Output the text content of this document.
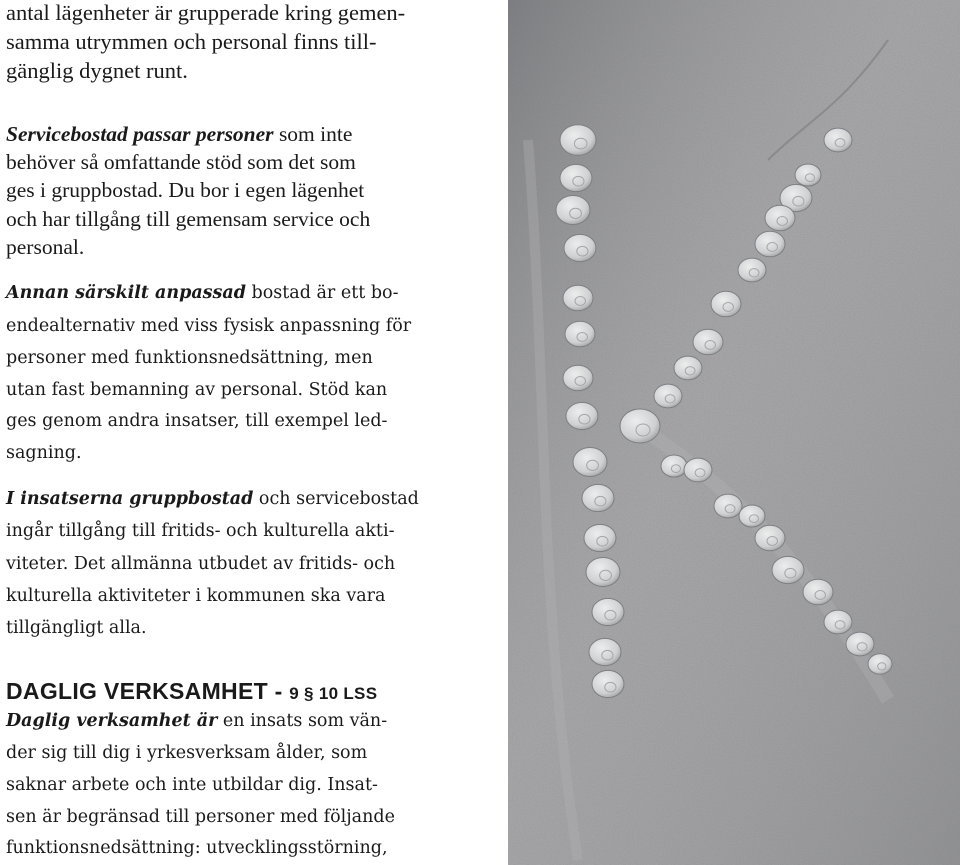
antal lägenheter är grupperade kring gemen-
samma utrymmen och personal finns till-
gänglig dygnet runt.
Servicebostad passar personer som inte
behöver så omfattande stöd som det som
ges i gruppbostad. Du bor i egen lägenhet
och har tillgång till gemensam service och
personal.
Annan särskilt anpassad bostad är ett bo-
endealternativ med viss fysisk anpassning för
personer med funktionsnedsättning, men
utan fast bemanning av personal. Stöd kan
ges genom andra insatser, till exempel led-
sagning.
I insatserna gruppbostad och servicebostad
ingår tillgång till fritids- och kulturella akti-
viteter. Det allmänna utbudet av fritids- och
kulturella aktiviteter i kommunen ska vara
tillgängligt alla.
Daglig verksamhet är en insats som vän-
der sig till dig i yrkesverksam ålder, som
saknar arbete och inte utbildar dig. Insat-
sen är begränsad till personer med följande
funktionsnedsättning: utvecklingsstörning,
DAGLIG VERKSAMHET - 9 § 10 LSS
